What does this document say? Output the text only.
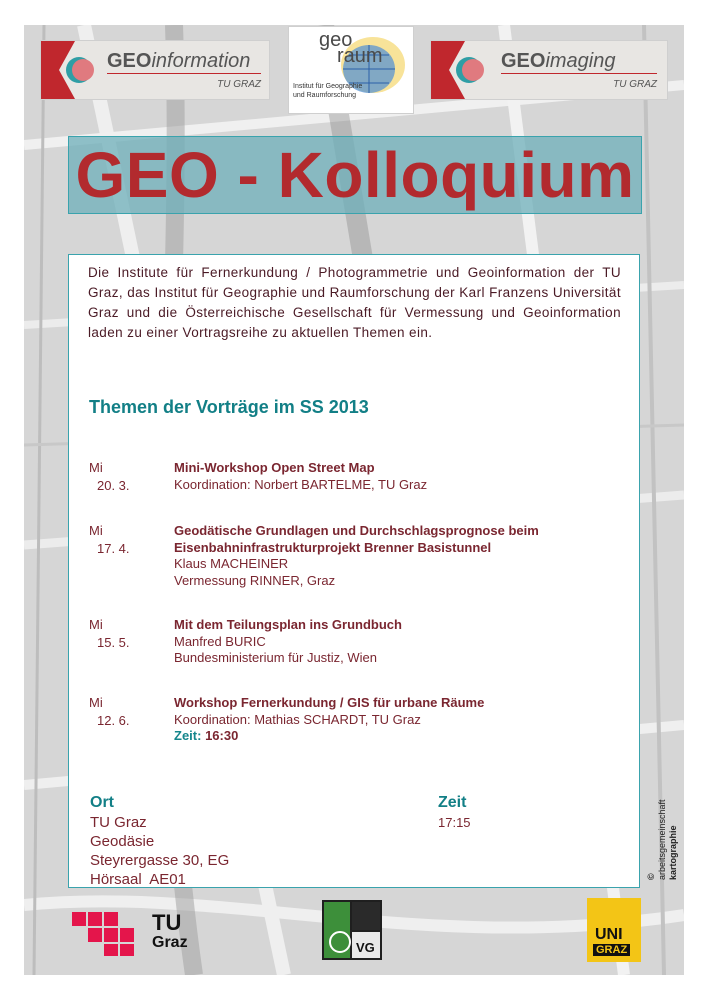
GEOinformation
TU GRAZ
geo
raum
Institut für Geographie
und Raumforschung
GEOimaging
TU GRAZ
GEO - Kolloquium
Die Institute für Fernerkundung / Photogrammetrie und Geoinformation der TU Graz, das Institut für Geographie und Raumforschung der Karl Franzens Universität Graz und die Österreichische Gesellschaft für Vermessung und Geoinformation laden zu einer Vortragsreihe zu aktuellen Themen ein.
Themen der Vorträge im SS 2013
Mi
20. 3.
Mini-Workshop Open Street Map
Koordination: Norbert BARTELME, TU Graz
Mi
17. 4.
Geodätische Grundlagen und Durchschlagsprognose beim
Eisenbahninfrastrukturprojekt Brenner Basistunnel
Klaus MACHEINER
Vermessung RINNER, Graz
Mi
15. 5.
Mit dem Teilungsplan ins Grundbuch
Manfred BURIC
Bundesministerium für Justiz, Wien
Mi
12. 6.
Workshop Fernerkundung / GIS für urbane Räume
Koordination: Mathias SCHARDT, TU Graz
Zeit: 16:30
Ort
TU Graz
Geodäsie
Steyrergasse 30, EG
Hörsaal  AE01
Zeit
17:15
© arbeitsgemeinschaft
kartographie
TU
Graz	VG
UNI
GRAZ
